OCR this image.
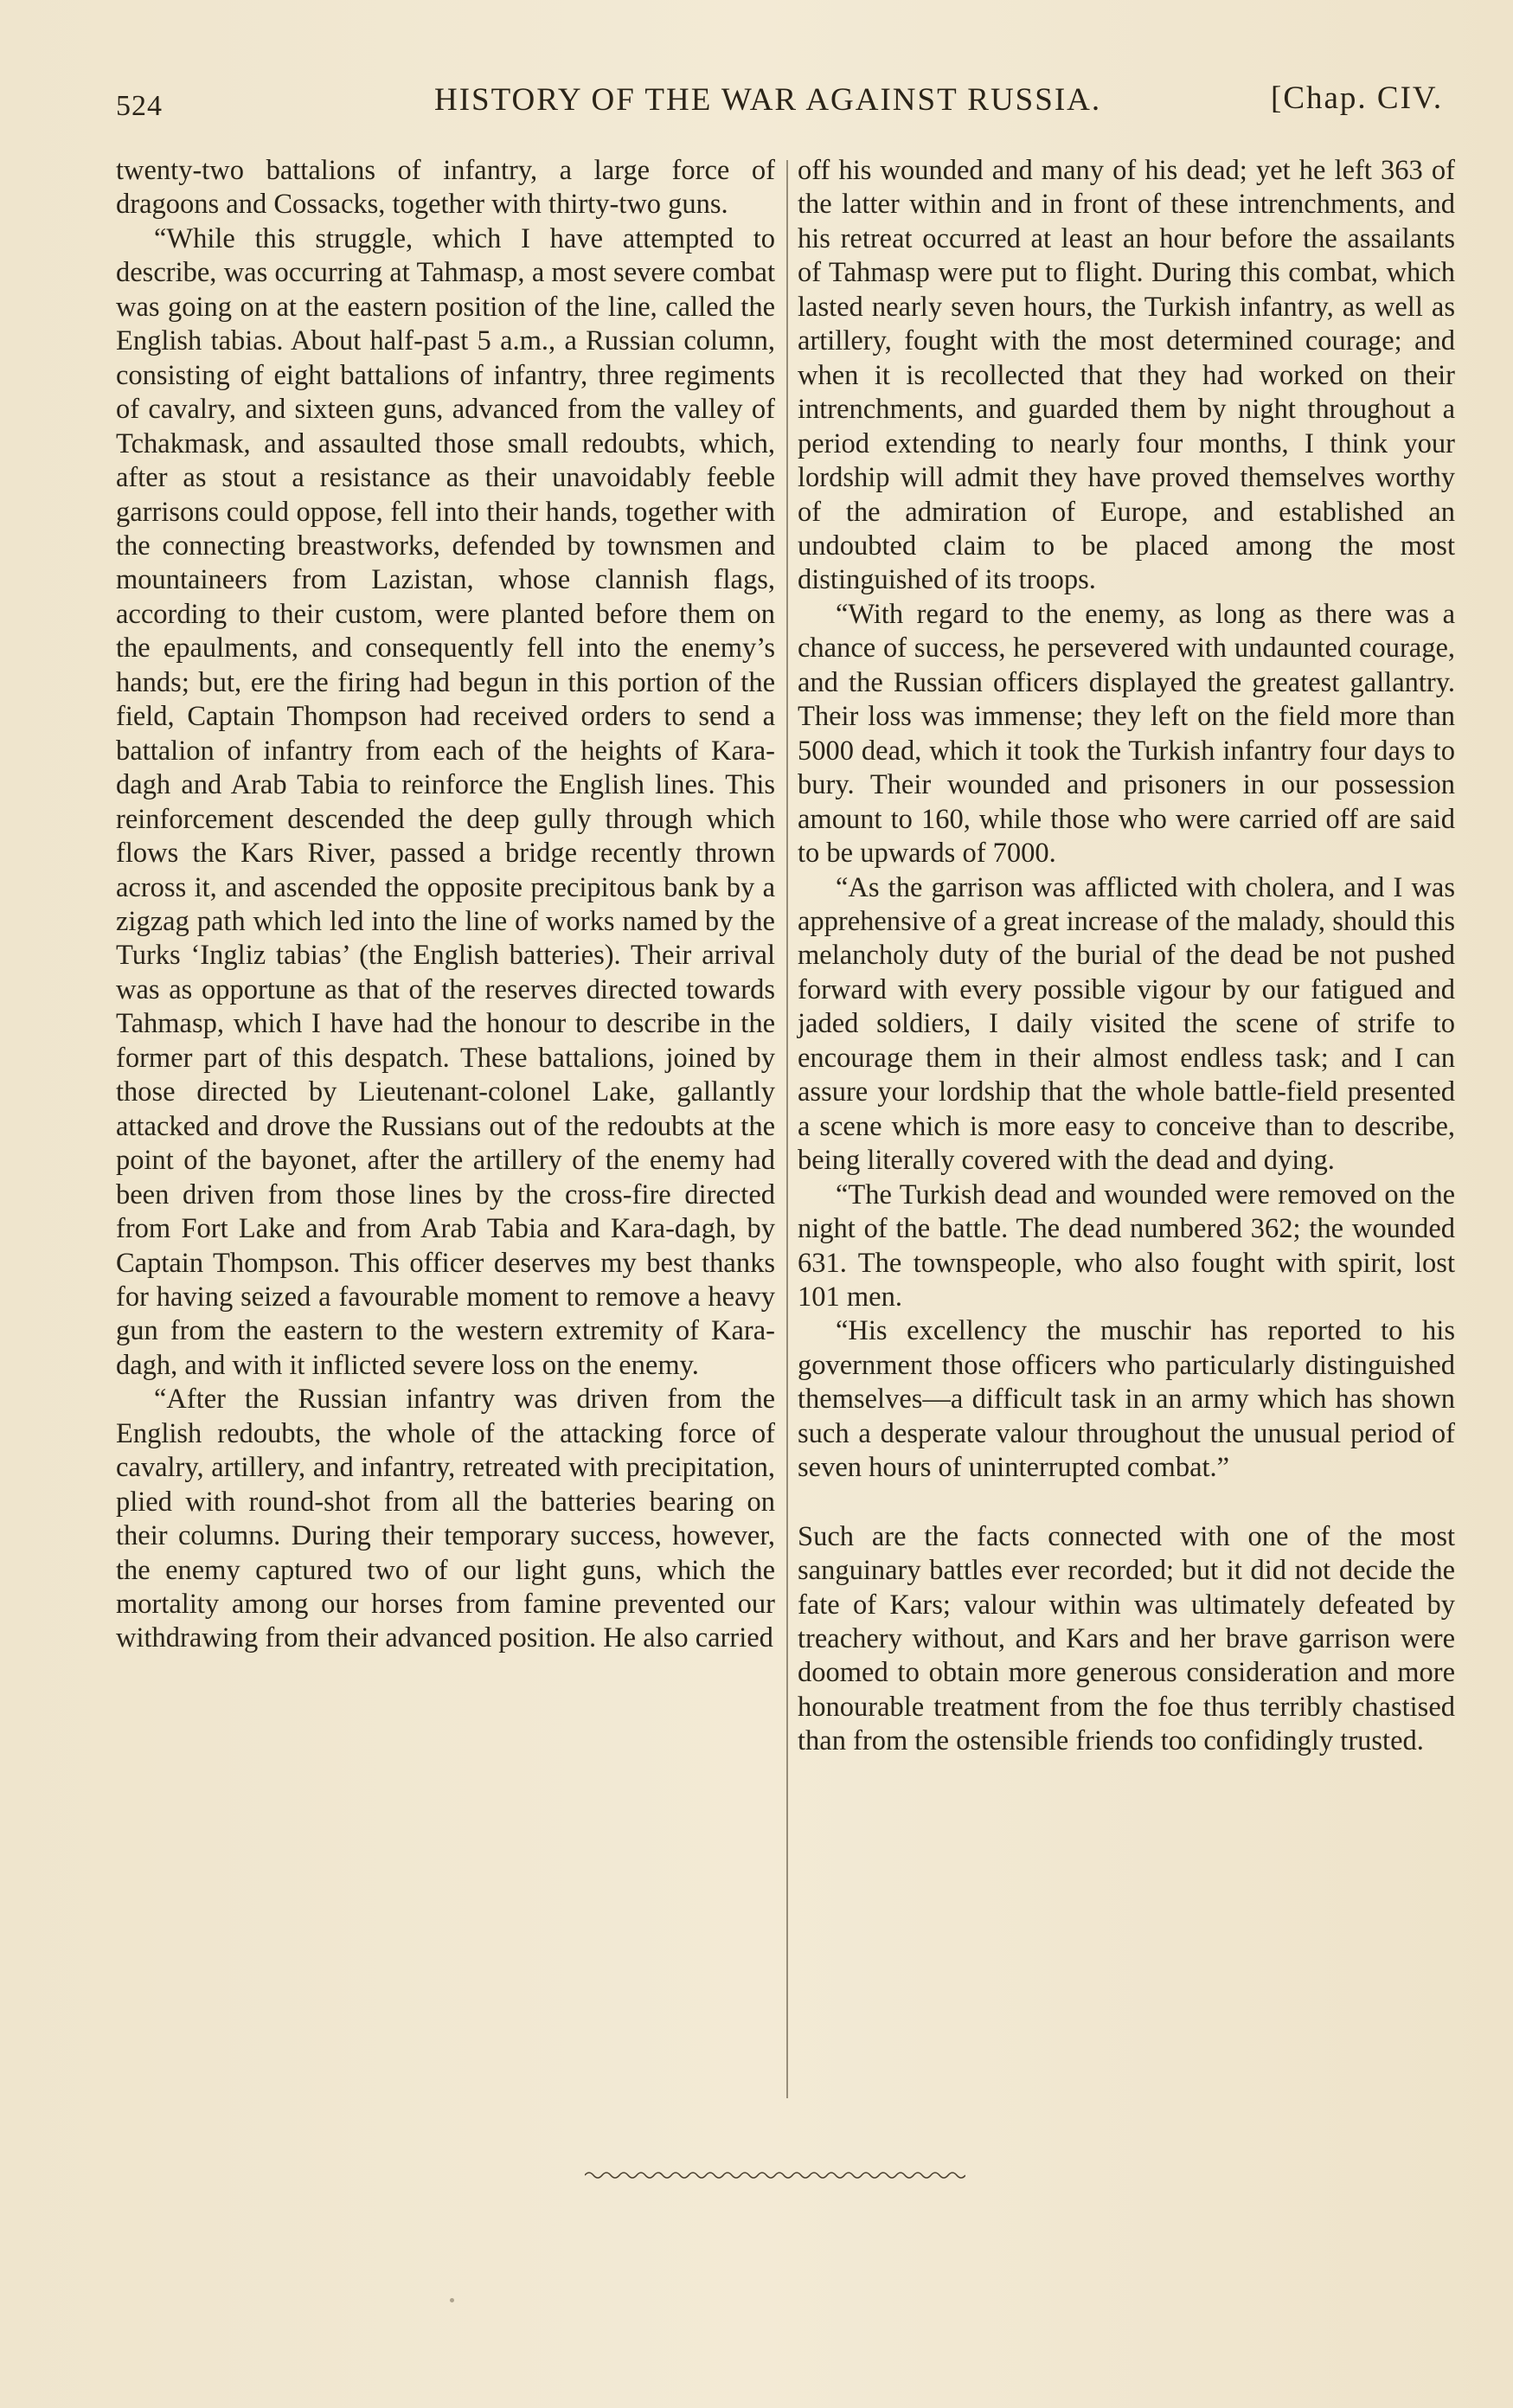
524	HISTORY OF THE WAR AGAINST RUSSIA.	[Chap. CIV.

twenty-two battalions of infantry, a large force of dragoons and Cossacks, together with thirty-two guns.

“While this struggle, which I have attempted to describe, was occurring at Tahmasp, a most severe combat was going on at the eastern position of the line, called the English tabias. About half-past 5 a.m., a Russian column, consisting of eight battalions of infantry, three regiments of cavalry, and sixteen guns, advanced from the valley of Tchakmask, and assaulted those small redoubts, which, after as stout a resistance as their unavoidably feeble garrisons could oppose, fell into their hands, together with the connecting breastworks, defended by townsmen and mountaineers from Lazistan, whose clannish flags, according to their custom, were planted before them on the epaulments, and consequently fell into the enemy’s hands; but, ere the firing had begun in this portion of the field, Captain Thompson had received orders to send a battalion of infantry from each of the heights of Kara-dagh and Arab Tabia to reinforce the English lines. This reinforcement descended the deep gully through which flows the Kars River, passed a bridge recently thrown across it, and ascended the opposite precipitous bank by a zigzag path which led into the line of works named by the Turks ‘Ingliz tabias’ (the English batteries). Their arrival was as opportune as that of the reserves directed towards Tahmasp, which I have had the honour to describe in the former part of this despatch. These battalions, joined by those directed by Lieutenant-colonel Lake, gallantly attacked and drove the Russians out of the redoubts at the point of the bayonet, after the artillery of the enemy had been driven from those lines by the cross-fire directed from Fort Lake and from Arab Tabia and Kara-dagh, by Captain Thompson. This officer deserves my best thanks for having seized a favourable moment to remove a heavy gun from the eastern to the western extremity of Kara-dagh, and with it inflicted severe loss on the enemy.

“After the Russian infantry was driven from the English redoubts, the whole of the attacking force of cavalry, artillery, and infantry, retreated with precipitation, plied with round-shot from all the batteries bearing on their columns. During their temporary success, however, the enemy captured two of our light guns, which the mortality among our horses from famine prevented our withdrawing from their advanced position. He also carried

off his wounded and many of his dead; yet he left 363 of the latter within and in front of these intrenchments, and his retreat occurred at least an hour before the assailants of Tahmasp were put to flight. During this combat, which lasted nearly seven hours, the Turkish infantry, as well as artillery, fought with the most determined courage; and when it is recollected that they had worked on their intrenchments, and guarded them by night throughout a period extending to nearly four months, I think your lordship will admit they have proved themselves worthy of the admiration of Europe, and established an undoubted claim to be placed among the most distinguished of its troops.

“With regard to the enemy, as long as there was a chance of success, he persevered with undaunted courage, and the Russian officers displayed the greatest gallantry. Their loss was immense; they left on the field more than 5000 dead, which it took the Turkish infantry four days to bury. Their wounded and prisoners in our possession amount to 160, while those who were carried off are said to be upwards of 7000.

“As the garrison was afflicted with cholera, and I was apprehensive of a great increase of the malady, should this melancholy duty of the burial of the dead be not pushed forward with every possible vigour by our fatigued and jaded soldiers, I daily visited the scene of strife to encourage them in their almost endless task; and I can assure your lordship that the whole battle-field presented a scene which is more easy to conceive than to describe, being literally covered with the dead and dying.

“The Turkish dead and wounded were removed on the night of the battle. The dead numbered 362; the wounded 631. The townspeople, who also fought with spirit, lost 101 men.

“His excellency the muschir has reported to his government those officers who particularly distinguished themselves—a difficult task in an army which has shown such a desperate valour throughout the unusual period of seven hours of uninterrupted combat.”

Such are the facts connected with one of the most sanguinary battles ever recorded; but it did not decide the fate of Kars; valour within was ultimately defeated by treachery without, and Kars and her brave garrison were doomed to obtain more generous consideration and more honourable treatment from the foe thus terribly chastised than from the ostensible friends too confidingly trusted.
